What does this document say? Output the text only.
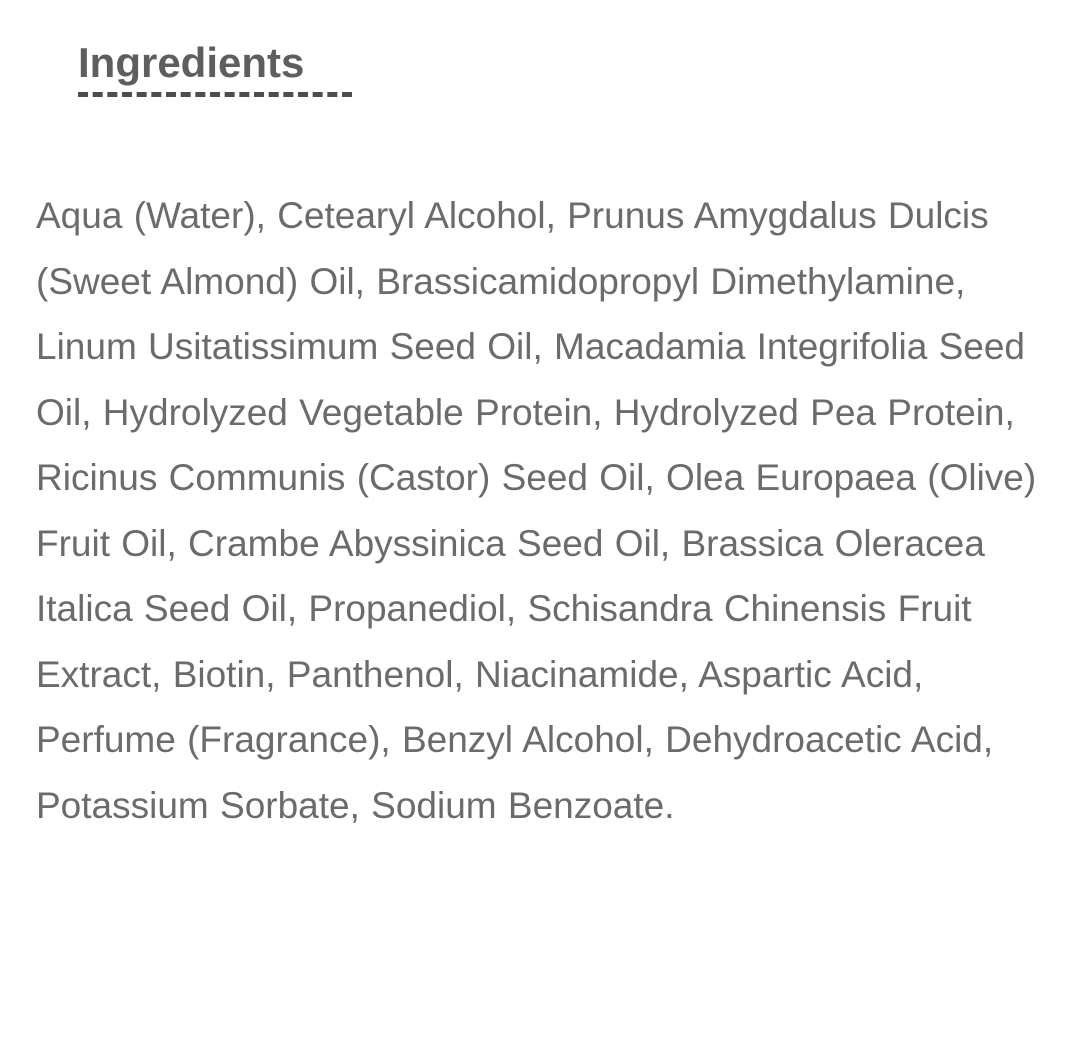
Ingredients

Aqua (Water), Cetearyl Alcohol, Prunus Amygdalus Dulcis (Sweet Almond) Oil, Brassicamidopropyl Dimethylamine, Linum Usitatissimum Seed Oil, Macadamia Integrifolia Seed Oil, Hydrolyzed Vegetable Protein, Hydrolyzed Pea Protein, Ricinus Communis (Castor) Seed Oil, Olea Europaea (Olive) Fruit Oil, Crambe Abyssinica Seed Oil, Brassica Oleracea Italica Seed Oil, Propanediol, Schisandra Chinensis Fruit Extract, Biotin, Panthenol, Niacinamide, Aspartic Acid, Perfume (Fragrance), Benzyl Alcohol, Dehydroacetic Acid, Potassium Sorbate, Sodium Benzoate.
